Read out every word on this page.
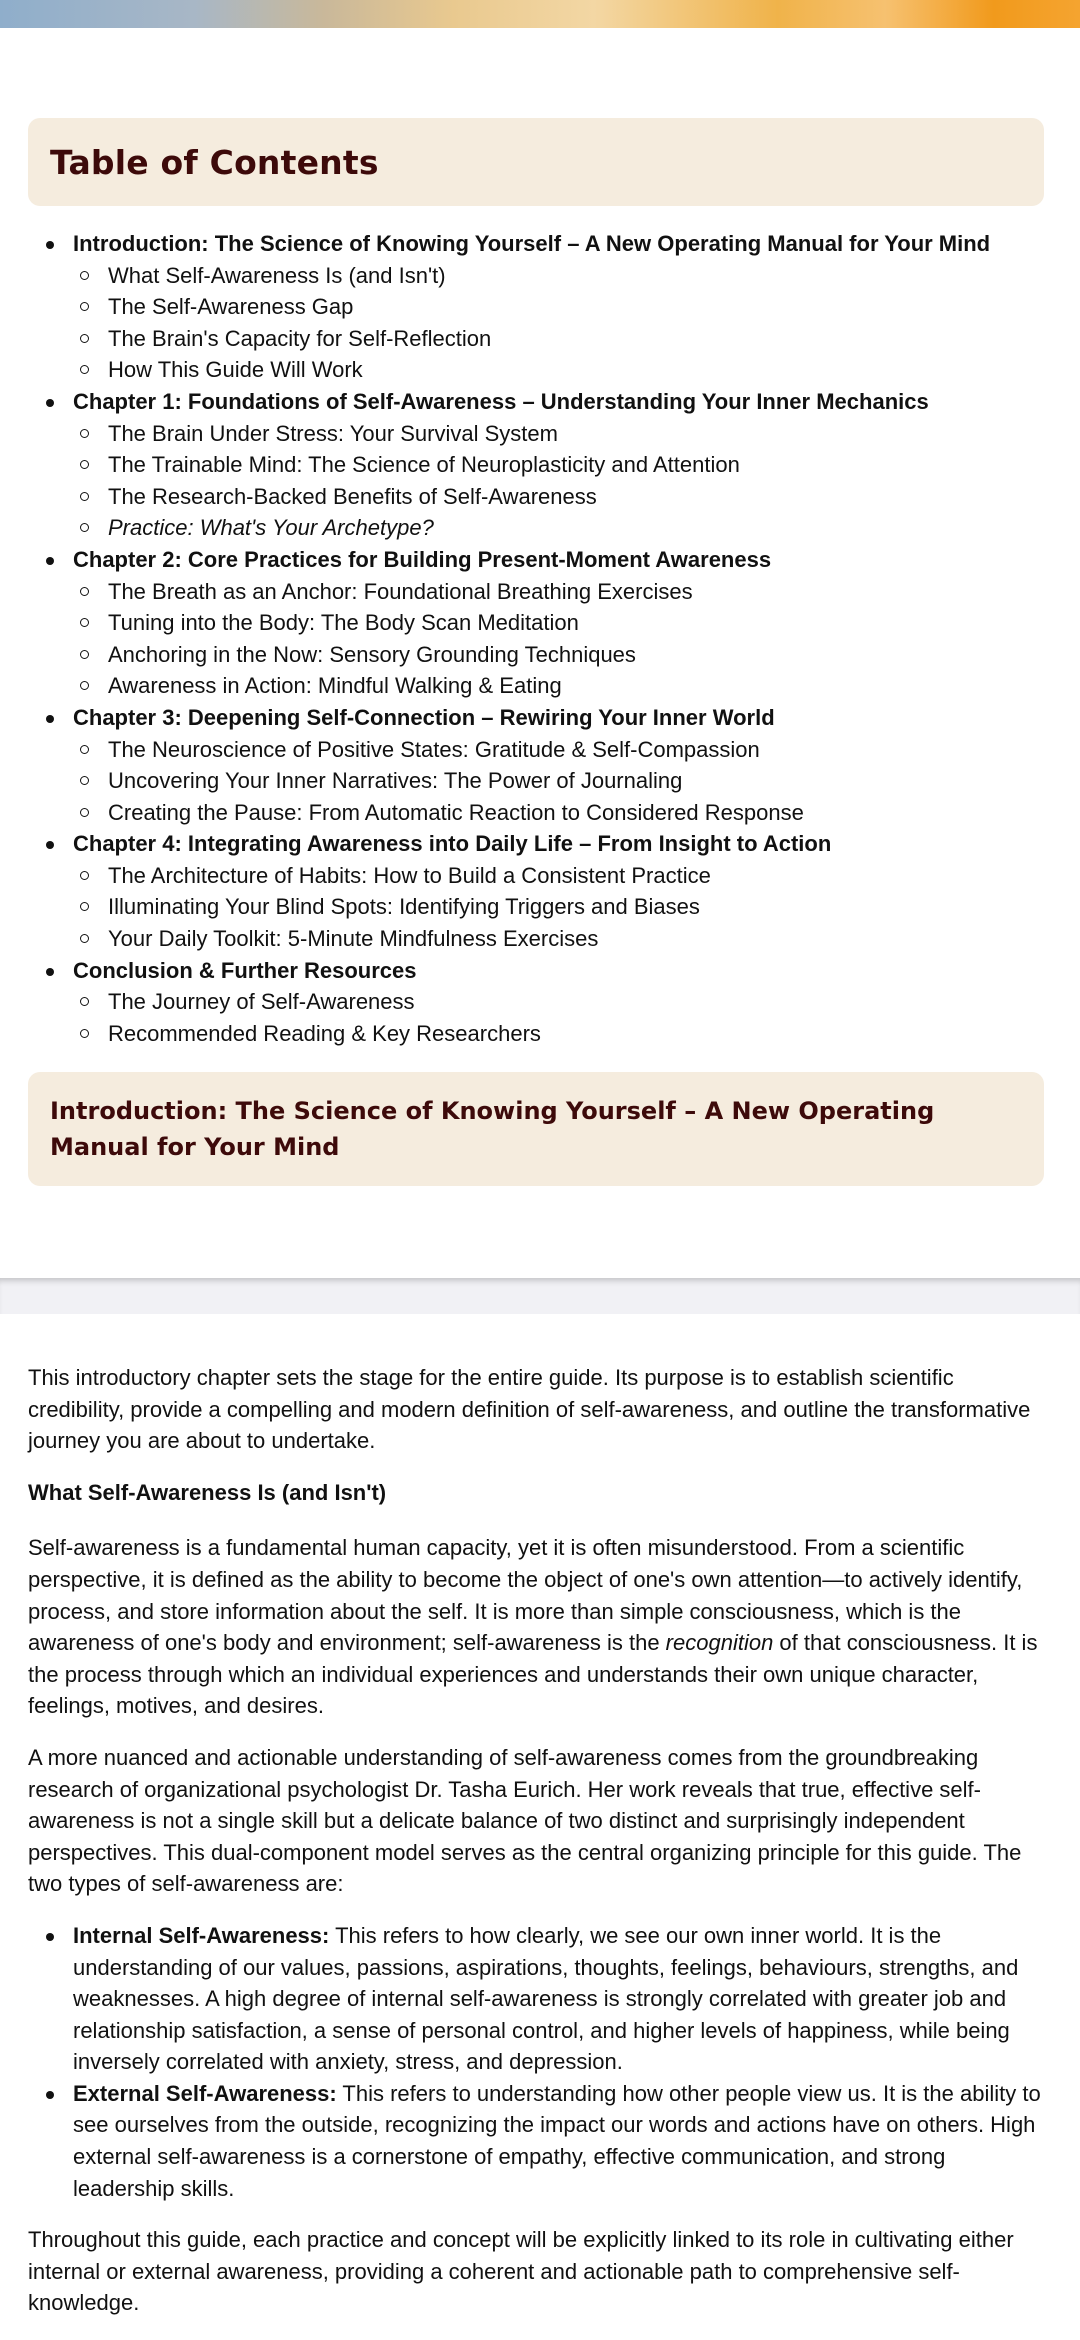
Table of Contents
Introduction: The Science of Knowing Yourself – A New Operating Manual for Your Mind
What Self-Awareness Is (and Isn't)
The Self-Awareness Gap
The Brain's Capacity for Self-Reflection
How This Guide Will Work
Chapter 1: Foundations of Self-Awareness – Understanding Your Inner Mechanics
The Brain Under Stress: Your Survival System
The Trainable Mind: The Science of Neuroplasticity and Attention
The Research-Backed Benefits of Self-Awareness
Practice: What's Your Archetype?
Chapter 2: Core Practices for Building Present-Moment Awareness
The Breath as an Anchor: Foundational Breathing Exercises
Tuning into the Body: The Body Scan Meditation
Anchoring in the Now: Sensory Grounding Techniques
Awareness in Action: Mindful Walking & Eating
Chapter 3: Deepening Self-Connection – Rewiring Your Inner World
The Neuroscience of Positive States: Gratitude & Self-Compassion
Uncovering Your Inner Narratives: The Power of Journaling
Creating the Pause: From Automatic Reaction to Considered Response
Chapter 4: Integrating Awareness into Daily Life – From Insight to Action
The Architecture of Habits: How to Build a Consistent Practice
Illuminating Your Blind Spots: Identifying Triggers and Biases
Your Daily Toolkit: 5-Minute Mindfulness Exercises
Conclusion & Further Resources
The Journey of Self-Awareness
Recommended Reading & Key Researchers
Introduction: The Science of Knowing Yourself – A New Operating Manual for Your Mind

This introductory chapter sets the stage for the entire guide. Its purpose is to establish scientific credibility, provide a compelling and modern definition of self-awareness, and outline the transformative journey you are about to undertake.

What Self-Awareness Is (and Isn't)

Self-awareness is a fundamental human capacity, yet it is often misunderstood. From a scientific perspective, it is defined as the ability to become the object of one's own attention—to actively identify, process, and store information about the self. It is more than simple consciousness, which is the awareness of one's body and environment; self-awareness is the recognition of that consciousness. It is the process through which an individual experiences and understands their own unique character, feelings, motives, and desires.

A more nuanced and actionable understanding of self-awareness comes from the groundbreaking research of organizational psychologist Dr. Tasha Eurich. Her work reveals that true, effective self-awareness is not a single skill but a delicate balance of two distinct and surprisingly independent perspectives. This dual-component model serves as the central organizing principle for this guide. The two types of self-awareness are:

Internal Self-Awareness: This refers to how clearly, we see our own inner world. It is the understanding of our values, passions, aspirations, thoughts, feelings, behaviours, strengths, and weaknesses. A high degree of internal self-awareness is strongly correlated with greater job and relationship satisfaction, a sense of personal control, and higher levels of happiness, while being inversely correlated with anxiety, stress, and depression.
External Self-Awareness: This refers to understanding how other people view us. It is the ability to see ourselves from the outside, recognizing the impact our words and actions have on others. High external self-awareness is a cornerstone of empathy, effective communication, and strong leadership skills.

Throughout this guide, each practice and concept will be explicitly linked to its role in cultivating either internal or external awareness, providing a coherent and actionable path to comprehensive self-knowledge.
